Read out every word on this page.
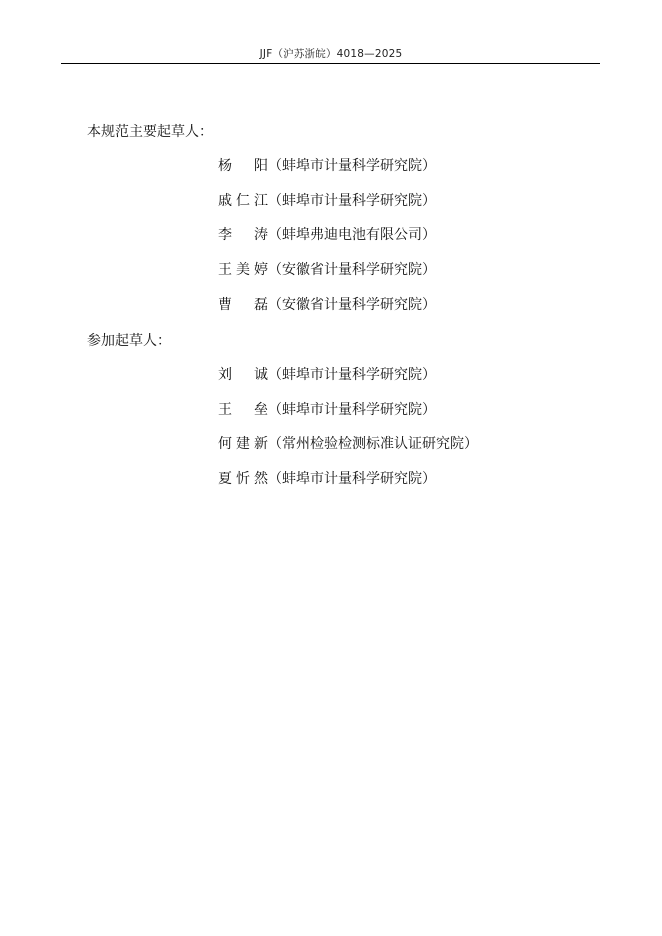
JJF（沪苏浙皖）4018—2025
本规范主要起草人：
杨阳（蚌埠市计量科学研究院）
戚仁江（蚌埠市计量科学研究院）
李涛（蚌埠弗迪电池有限公司）
王美婷（安徽省计量科学研究院）
曹磊（安徽省计量科学研究院）
参加起草人：
刘诚（蚌埠市计量科学研究院）
王垒（蚌埠市计量科学研究院）
何建新（常州检验检测标准认证研究院）
夏忻然（蚌埠市计量科学研究院）
